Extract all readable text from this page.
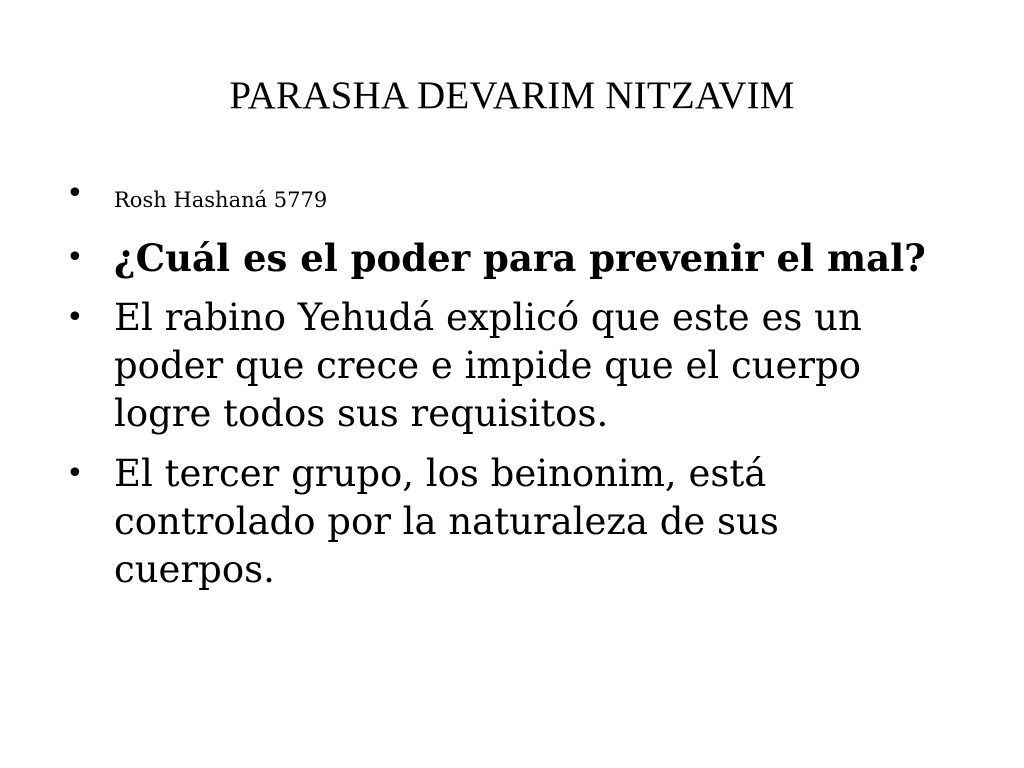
PARASHA DEVARIM NITZAVIM
• Rosh Hashaná 5779
• ¿Cuál es el poder para prevenir el mal?
• El rabino Yehudá explicó que este es un poder que crece e impide que el cuerpo logre todos sus requisitos.
• El tercer grupo, los beinonim, está controlado por la naturaleza de sus cuerpos.
